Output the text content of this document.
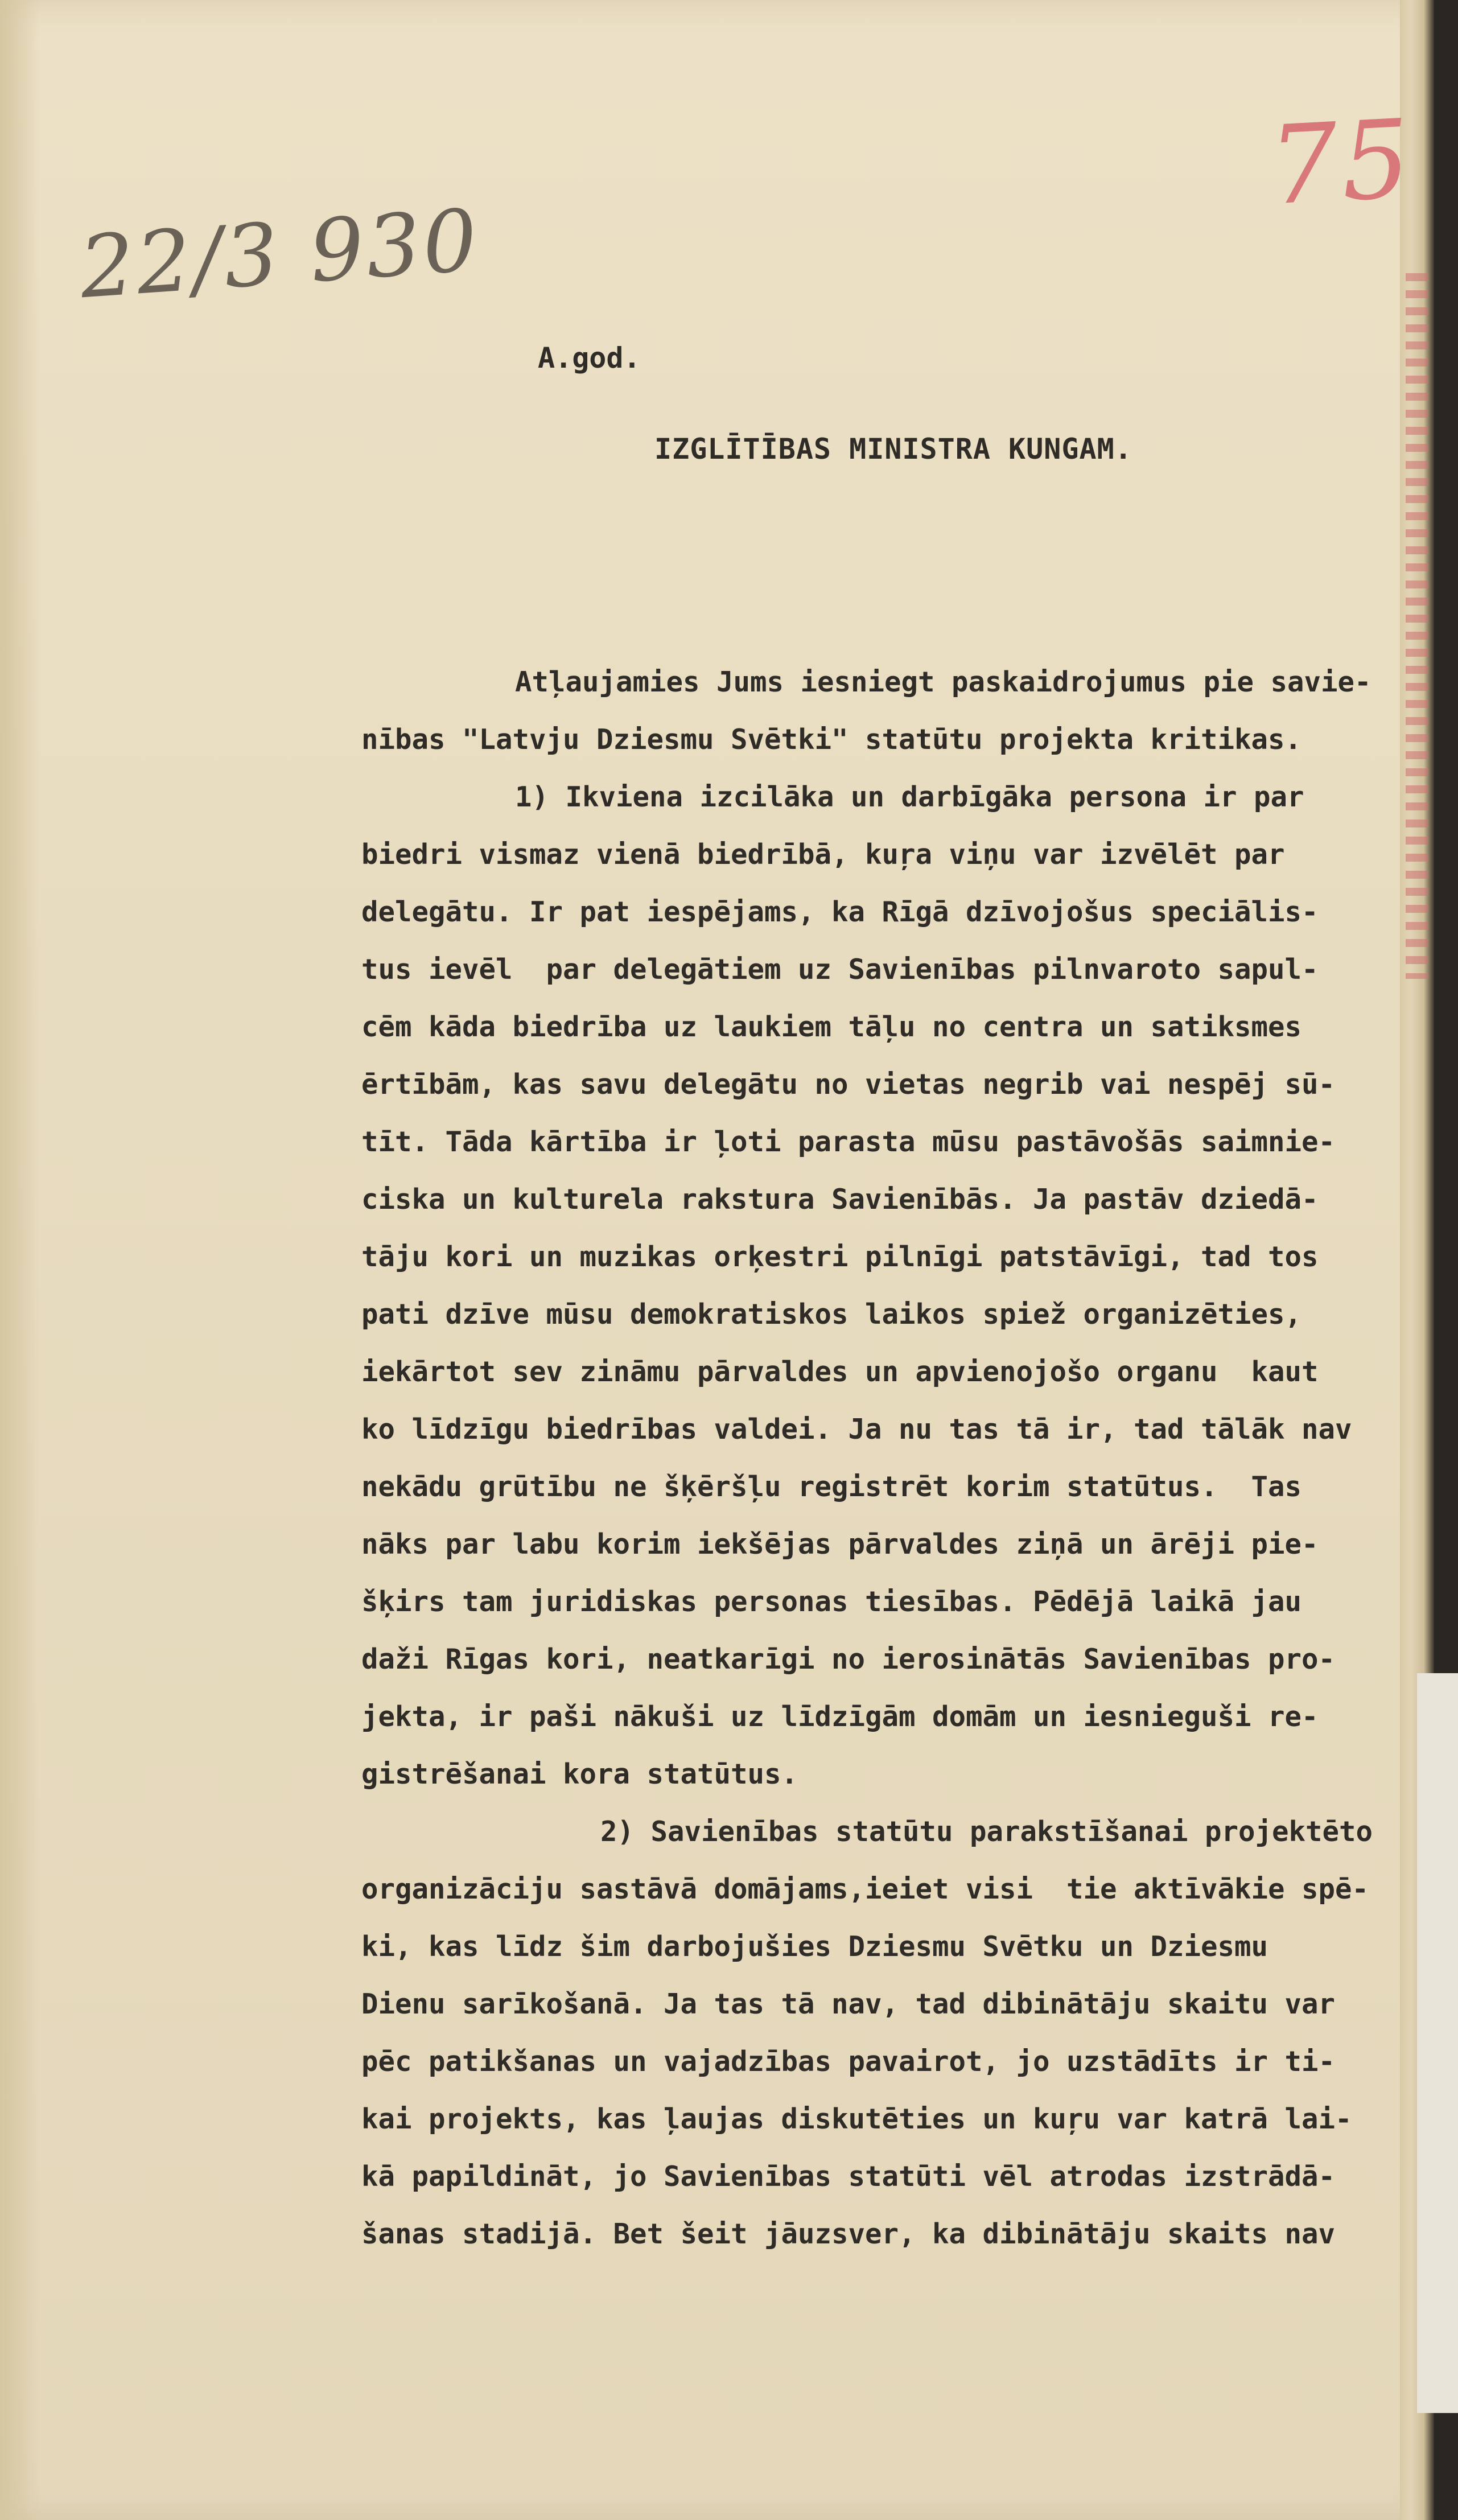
22/3 930
75
A.god.
IZGLĪTĪBAS MINISTRA KUNGAM.
Atļaujamies Jums iesniegt paskaidrojumus pie savie-
nības "Latvju Dziesmu Svētki" statūtu projekta kritikas.
1) Ikviena izcilāka un darbīgāka persona ir par
biedri vismaz vienā biedrībā, kuŗa viņu var izvēlēt par
delegātu. Ir pat iespējams, ka Rīgā dzīvojošus speciālis-
tus ievēl  par delegātiem uz Savienības pilnvaroto sapul-
cēm kāda biedrība uz laukiem tāļu no centra un satiksmes
ērtībām, kas savu delegātu no vietas negrib vai nespēj sū-
tīt. Tāda kārtība ir ļoti parasta mūsu pastāvošās saimnie-
ciska un kulturela rakstura Savienībās. Ja pastāv dziedā-
tāju kori un muzikas orķestri pilnīgi patstāvīgi, tad tos
pati dzīve mūsu demokratiskos laikos spiež organizēties,
iekārtot sev zināmu pārvaldes un apvienojošo organu  kaut
ko līdzīgu biedrības valdei. Ja nu tas tā ir, tad tālāk nav
nekādu grūtību ne šķēršļu registrēt korim statūtus.  Tas
nāks par labu korim iekšējas pārvaldes ziņā un ārēji pie-
šķirs tam juridiskas personas tiesības. Pēdējā laikā jau
daži Rīgas kori, neatkarīgi no ierosinātās Savienības pro-
jekta, ir paši nākuši uz līdzīgām domām un iesnieguši re-
gistrēšanai kora statūtus.
2) Savienības statūtu parakstīšanai projektēto
organizāciju sastāvā domājams,ieiet visi  tie aktīvākie spē-
ki, kas līdz šim darbojušies Dziesmu Svētku un Dziesmu
Dienu sarīkošanā. Ja tas tā nav, tad dibinātāju skaitu var
pēc patikšanas un vajadzības pavairot, jo uzstādīts ir ti-
kai projekts, kas ļaujas diskutēties un kuŗu var katrā lai-
kā papildināt, jo Savienības statūti vēl atrodas izstrādā-
šanas stadijā. Bet šeit jāuzsver, ka dibinātāju skaits nav
